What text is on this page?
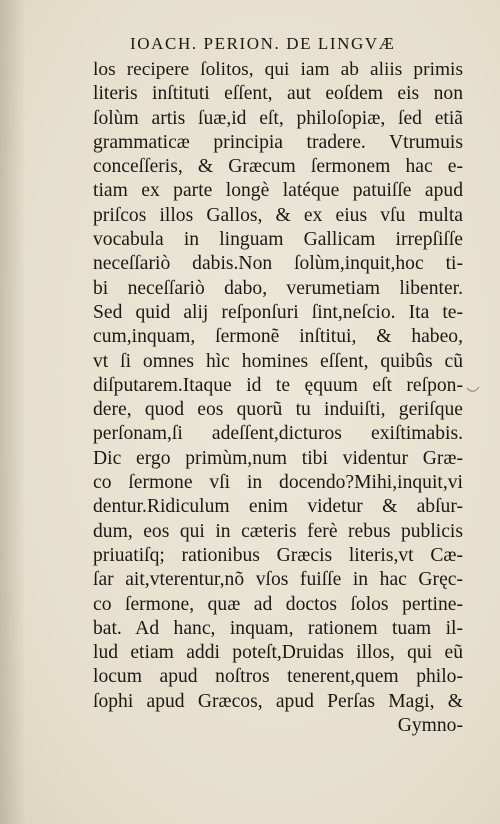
IOACH. PERION. DE LINGVÆ
los recipere ſolitos, qui iam ab aliis primis
literis inſtituti eſſent, aut eoſdem eis non
ſolùm artis ſuæ,id eſt, philoſopiæ, ſed etiã
grammaticæ principia tradere. Vtrumuis
conceſſeris, & Græcum ſermonem hac e-
tiam ex parte longè latéque patuiſſe apud
priſcos illos Gallos, & ex eius vſu multa
vocabula in linguam Gallicam irrepſiſſe
neceſſariò dabis.Non ſolùm,inquit,hoc ti-
bi neceſſariò dabo, verumetiam libenter.
Sed quid alij reſponſuri ſint,neſcio. Ita te-
cum,inquam, ſermonẽ inſtitui, & habeo,
vt ſi omnes hìc homines eſſent, quibûs cũ
diſputarem.Itaque id te ęquum eſt reſpon-
dere, quod eos quorũ tu induiſti, geriſque
perſonam,ſi adeſſent,dicturos exiſtimabis.
Dic ergo primùm,num tibi videntur Græ-
co ſermone vſi in docendo?Mihi,inquit,vi
dentur.Ridiculum enim videtur & abſur-
dum, eos qui in cæteris ferè rebus publicis
priuatiſq; rationibus Græcis literis,vt Cæ-
ſar ait,vterentur,nõ vſos fuiſſe in hac Gręc-
co ſermone, quæ ad doctos ſolos pertine-
bat. Ad hanc, inquam, rationem tuam il-
lud etiam addi poteſt,Druidas illos, qui eũ
locum apud noſtros tenerent,quem philo-
ſophi apud Græcos, apud Perſas Magi, &
Gymno-
